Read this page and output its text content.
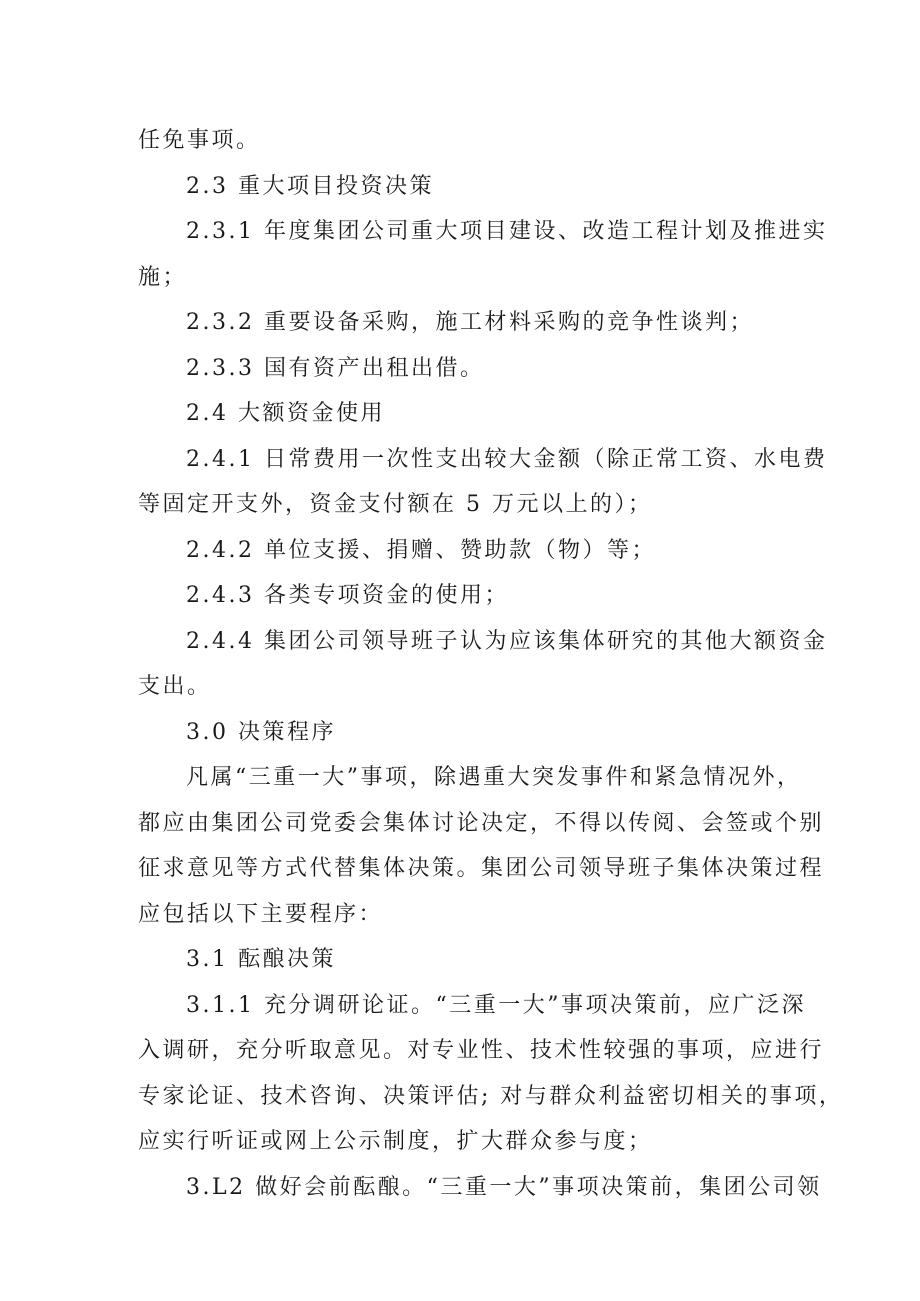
任免事项。
2.3 重大项目投资决策
2.3.1 年度集团公司重大项目建设、改造工程计划及推进实
施；
2.3.2 重要设备采购，施工材料采购的竞争性谈判；
2.3.3 国有资产出租出借。
2.4 大额资金使用
2.4.1 日常费用一次性支出较大金额（除正常工资、水电费
等固定开支外，资金支付额在 5 万元以上的）；
2.4.2 单位支援、捐赠、赞助款（物）等；
2.4.3 各类专项资金的使用；
2.4.4 集团公司领导班子认为应该集体研究的其他大额资金
支出。
3.0 决策程序
凡属“三重一大”事项，除遇重大突发事件和紧急情况外，
都应由集团公司党委会集体讨论决定，不得以传阅、会签或个别
征求意见等方式代替集体决策。集团公司领导班子集体决策过程
应包括以下主要程序：
3.1 酝酿决策
3.1.1 充分调研论证。“三重一大”事项决策前，应广泛深
入调研，充分听取意见。对专业性、技术性较强的事项，应进行
专家论证、技术咨询、决策评估; 对与群众利益密切相关的事项，
应实行听证或网上公示制度，扩大群众参与度；
3.L2 做好会前酝酿。“三重一大”事项决策前，集团公司领
